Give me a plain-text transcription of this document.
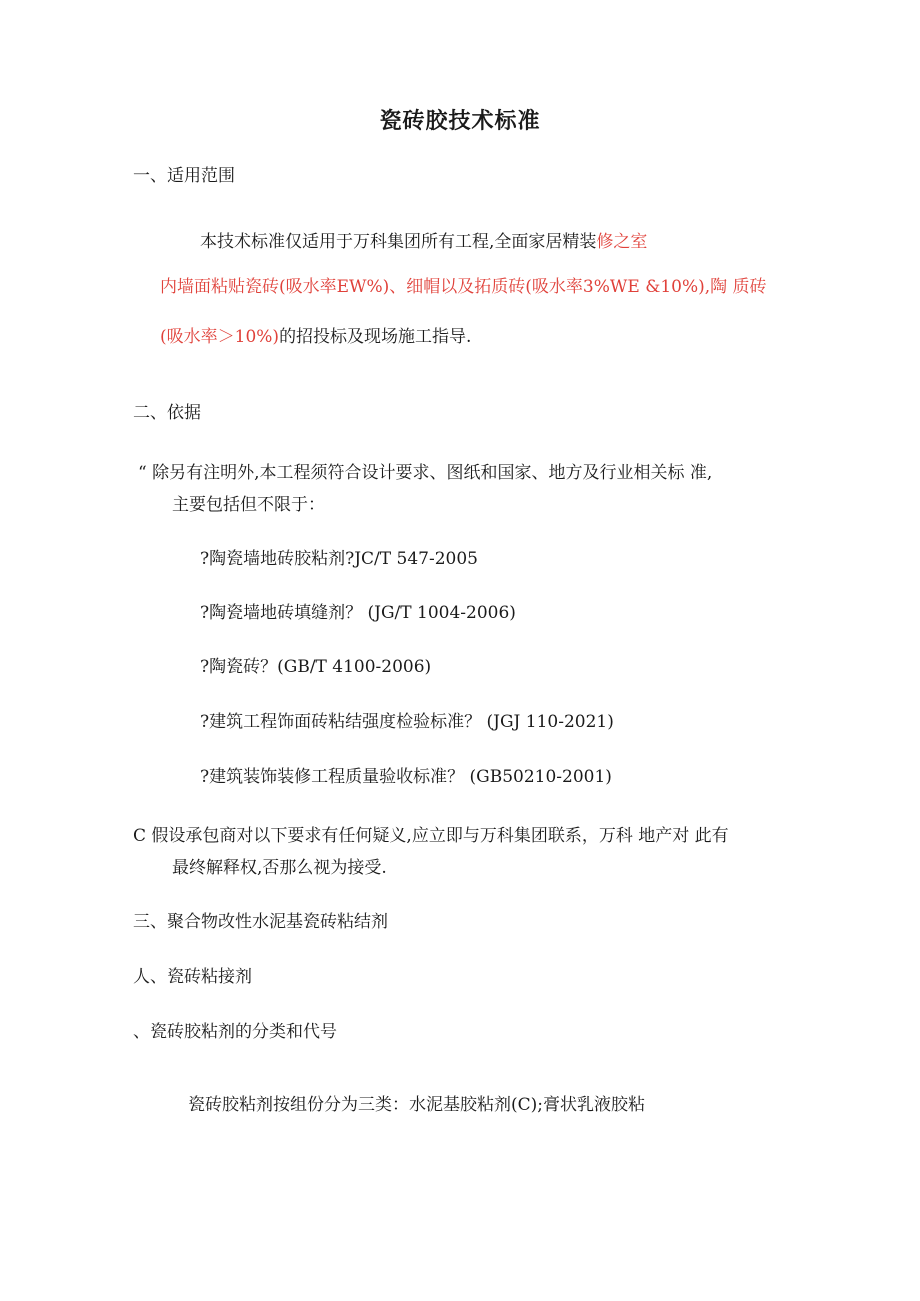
瓷砖胶技术标准
一、适用范围
本技术标准仅适用于万科集团所有工程,全面家居精装修之室
内墙面粘贴瓷砖(吸水率EW%)、细帽以及拓质砖(吸水率3%WE &10%),陶 质砖
(吸水率＞10%)的招投标及现场施工指导.
二、依据
“ 除另有注明外,本工程须符合设计要求、图纸和国家、地方及行业相关标 准,
主要包括但不限于：
?陶瓷墙地砖胶粘剂?JC/T 547-2005
?陶瓷墙地砖填缝剂？ (JG/T 1004-2006)
?陶瓷砖？(GB/T 4100-2006)
?建筑工程饰面砖粘结强度检验标准？ (JGJ 110-2021)
?建筑装饰装修工程质量验收标准？ (GB50210-2001)
C 假设承包商对以下要求有任何疑义,应立即与万科集团联系，万科 地产对 此有
最终解释权,否那么视为接受.
三、聚合物改性水泥基瓷砖粘结剂
人、瓷砖粘接剂
、瓷砖胶粘剂的分类和代号
瓷砖胶粘剂按组份分为三类：水泥基胶粘剂(C);膏状乳液胶粘
